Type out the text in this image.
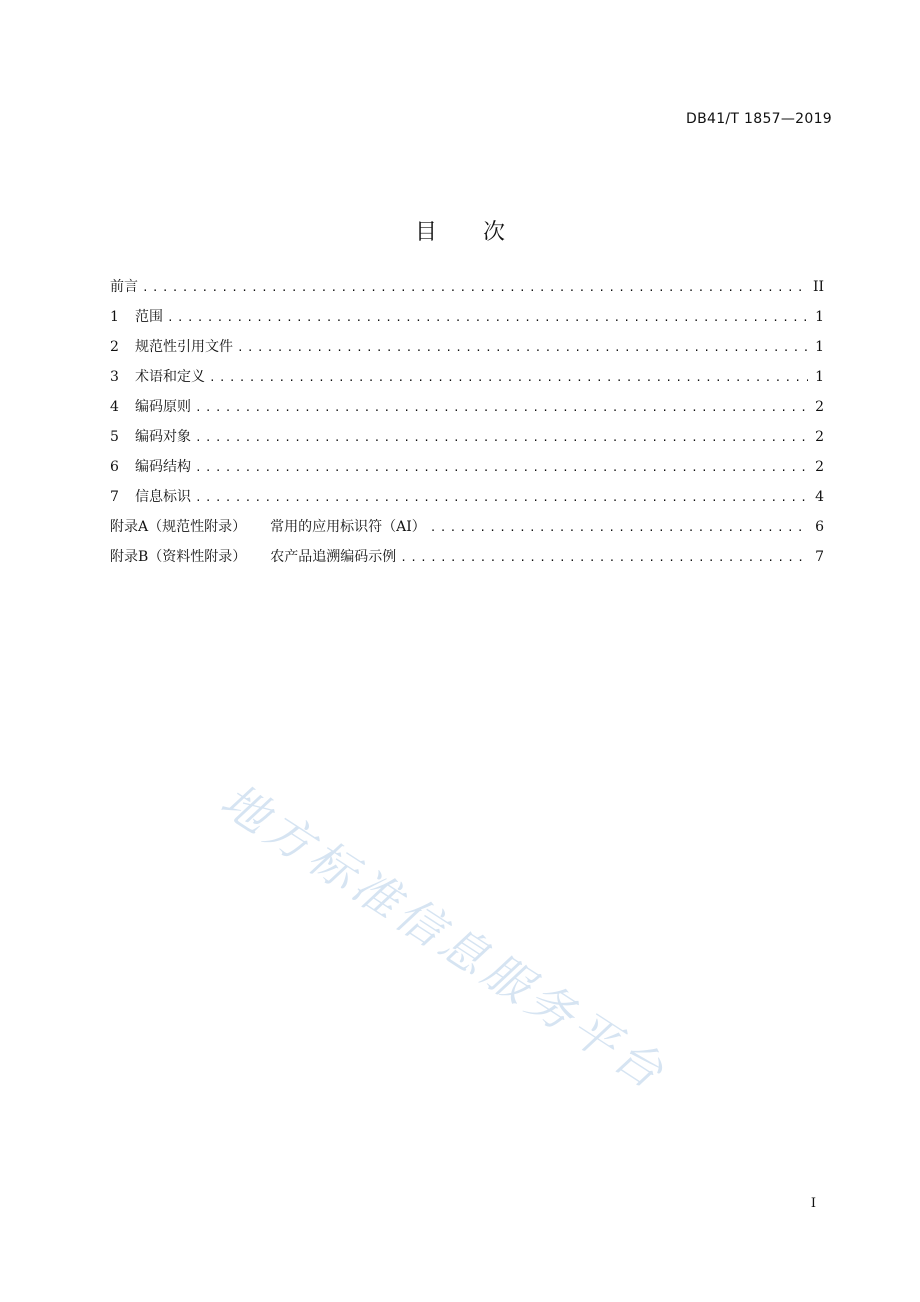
DB41/T 1857—2019
目 次
前言 .....	II
1	范围 .....	1
2	规范性引用文件 .....	1
3	术语和定义 .....	1
4	编码原则 .....	2
5	编码对象 .....	2
6	编码结构 .....	2
7	信息标识 .....	4
附录A（规范性附录） 常用的应用标识符（AI） .....	6
附录B（资料性附录） 农产品追溯编码示例 .....	7
地方标准信息服务平台
I
